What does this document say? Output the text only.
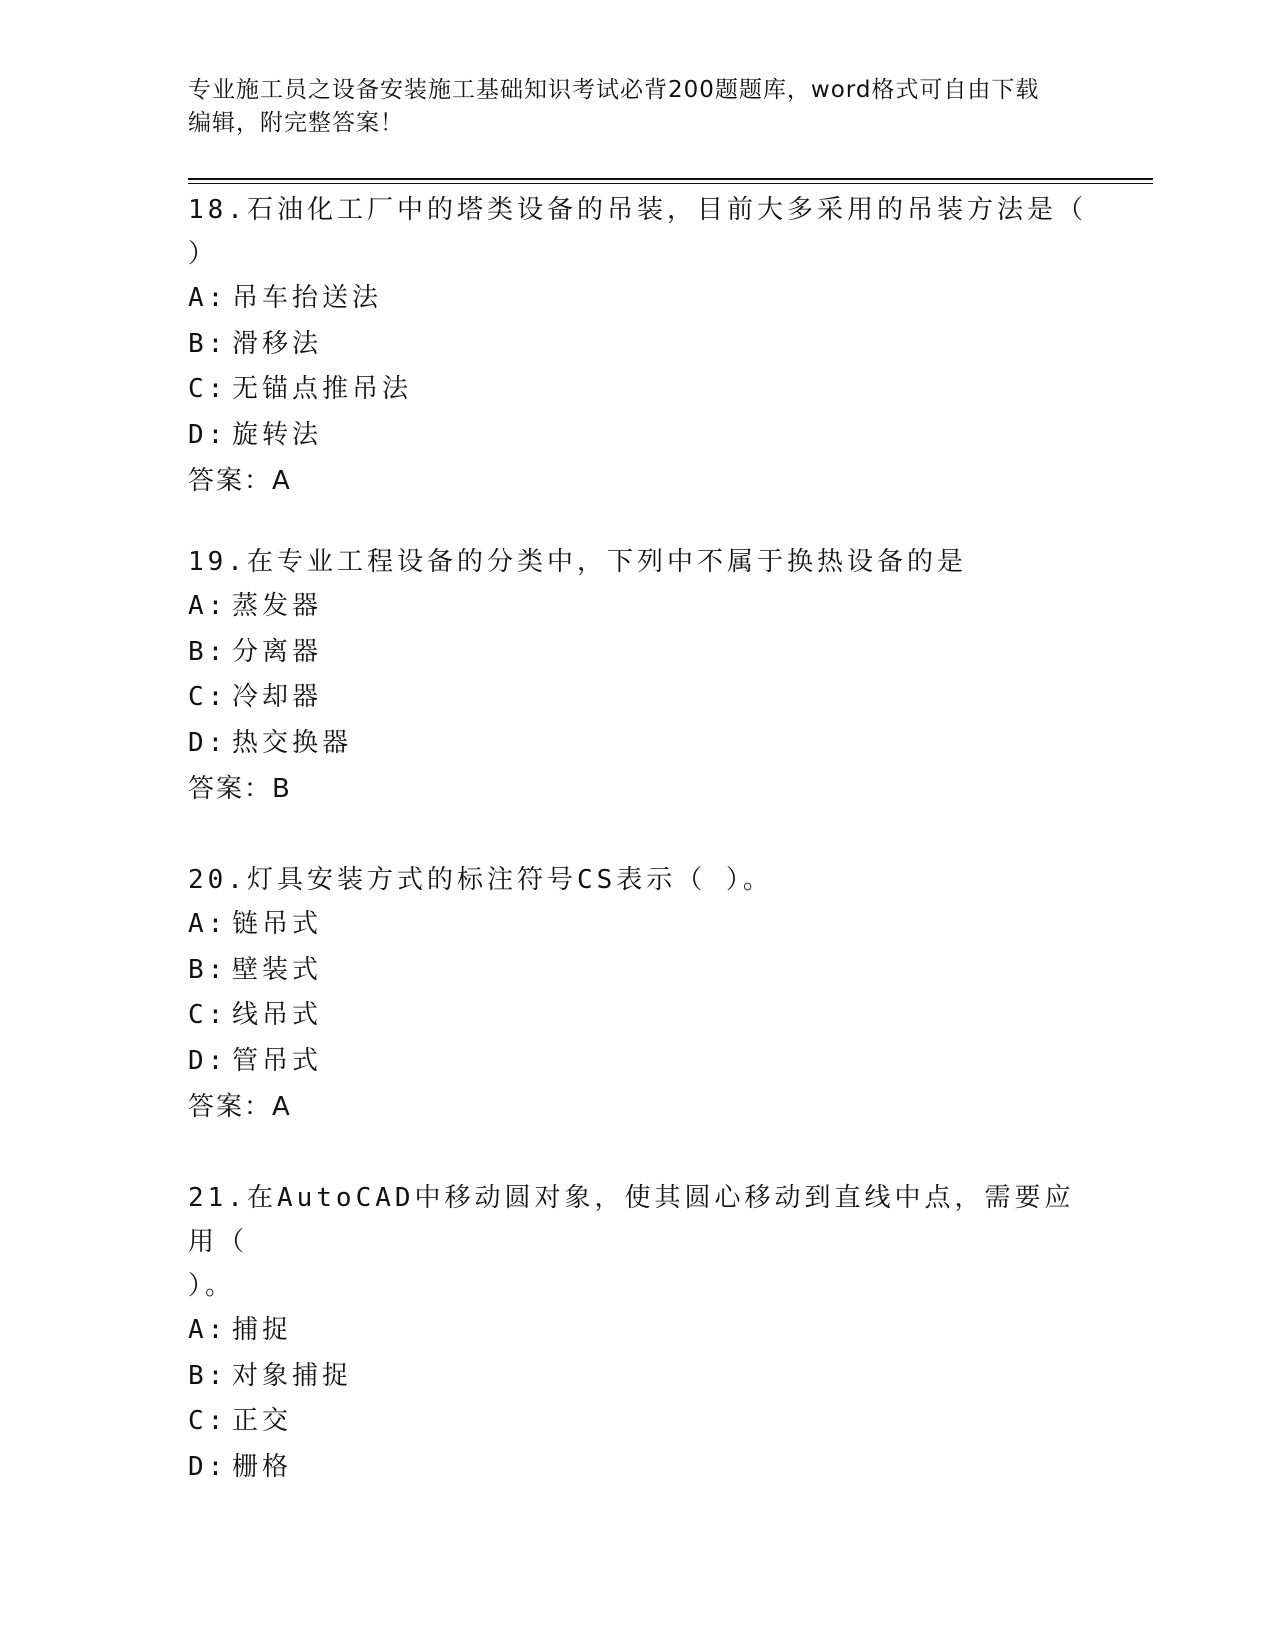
专业施工员之设备安装施工基础知识考试必背200题题库，word格式可自由下载
编辑，附完整答案！

18.石油化工厂中的塔类设备的吊装，目前大多采用的吊装方法是（

）

A: 吊车抬送法

B: 滑移法

C: 无锚点推吊法

D: 旋转法

答案：A

19.在专业工程设备的分类中，下列中不属于换热设备的是

A: 蒸发器

B: 分离器

C: 冷却器

D: 热交换器

答案：B

20.灯具安装方式的标注符号CS表示（ ）。

A: 链吊式

B: 壁装式

C: 线吊式

D: 管吊式

答案：A

21.在AutoCAD中移动圆对象，使其圆心移动到直线中点，需要应用（

）。

A: 捕捉

B: 对象捕捉

C: 正交

D: 栅格
